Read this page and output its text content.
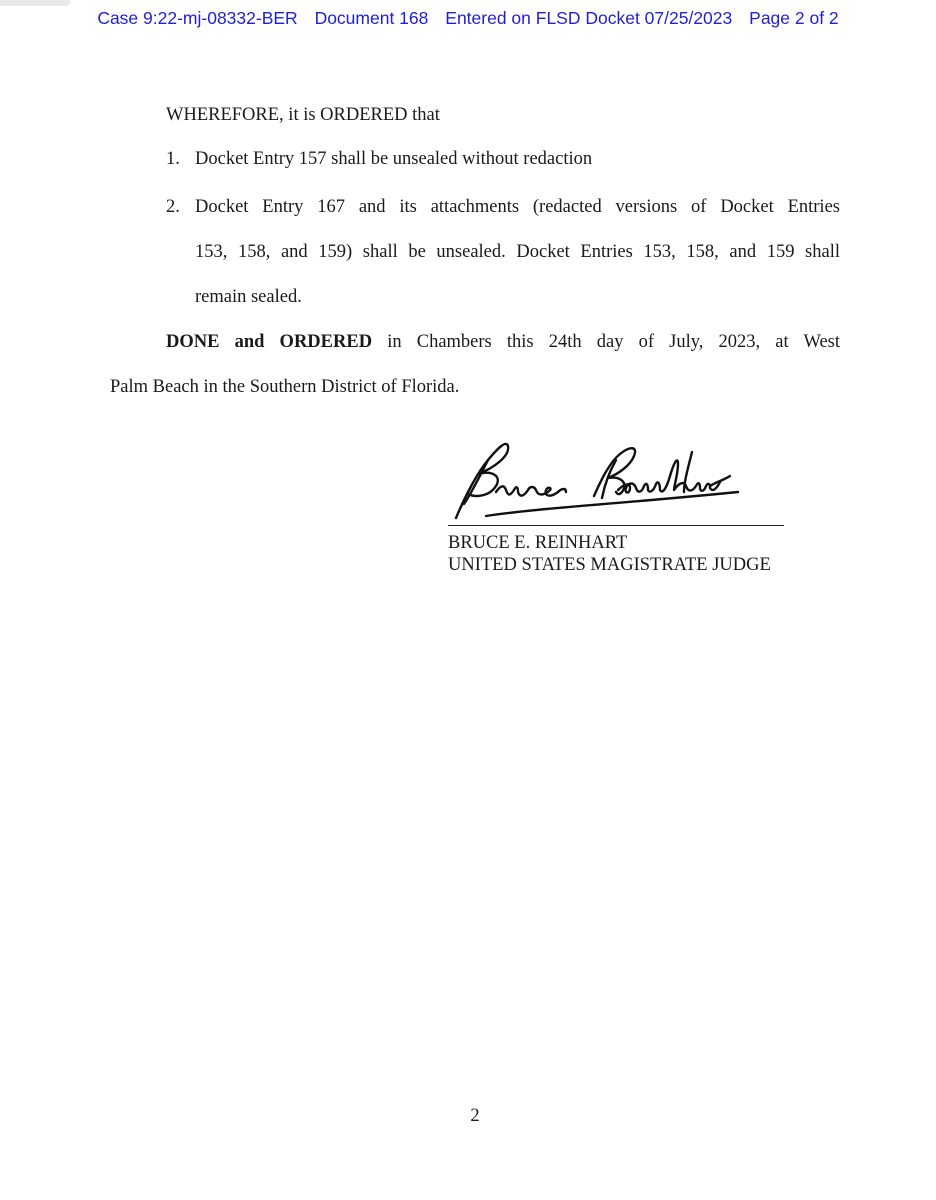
Case 9:22-mj-08332-BER Document 168 Entered on FLSD Docket 07/25/2023 Page 2 of 2
WHEREFORE, it is ORDERED that
1. Docket Entry 157 shall be unsealed without redaction
2. Docket Entry 167 and its attachments (redacted versions of Docket Entries
153, 158, and 159) shall be unsealed. Docket Entries 153, 158, and 159 shall
remain sealed.
DONE and ORDERED in Chambers this 24th day of July, 2023, at West
Palm Beach in the Southern District of Florida.
BRUCE E. REINHART
UNITED STATES MAGISTRATE JUDGE
2
